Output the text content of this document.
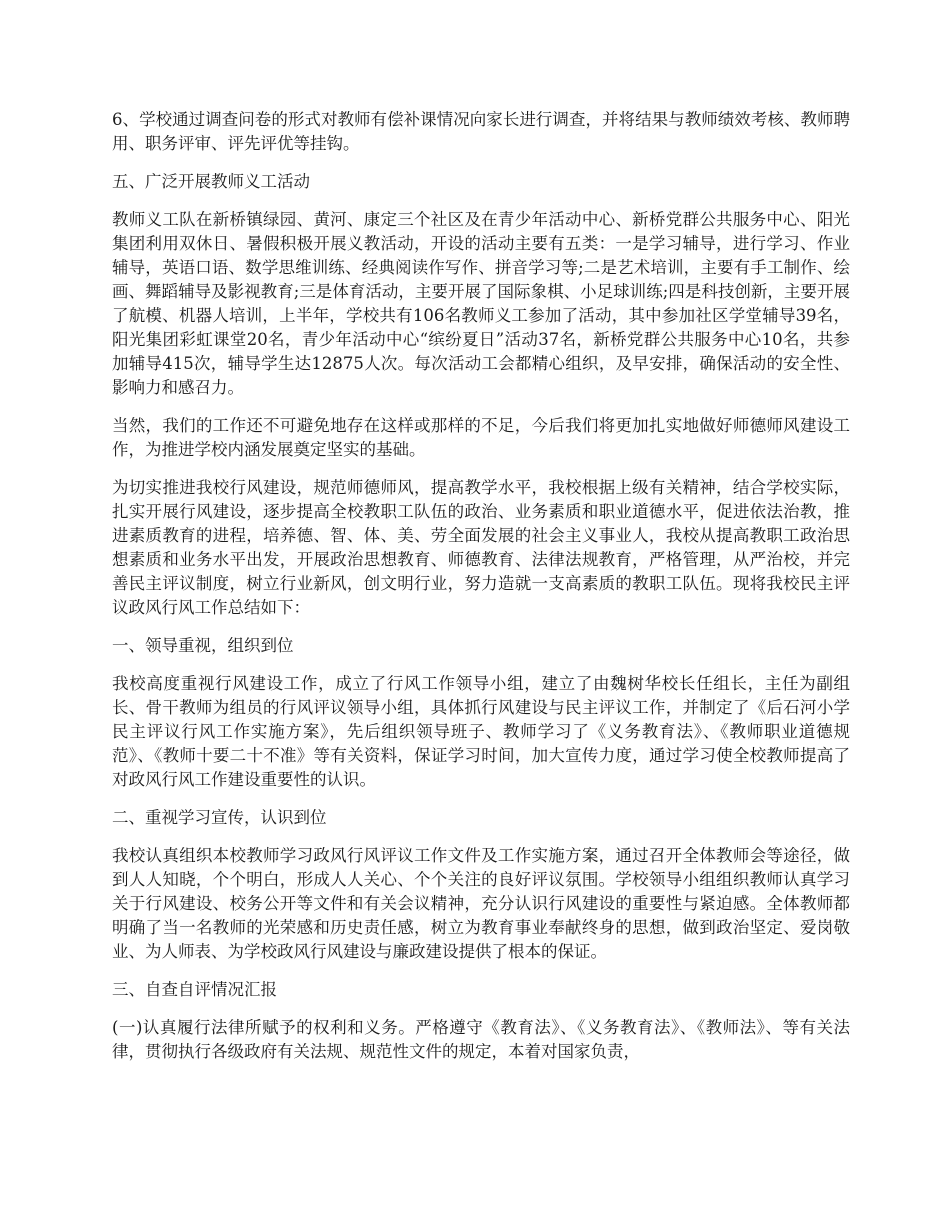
6、学校通过调查问卷的形式对教师有偿补课情况向家长进行调查，并将结果与教师绩效考核、教师聘用、职务评审、评先评优等挂钩。

五、广泛开展教师义工活动

教师义工队在新桥镇绿园、黄河、康定三个社区及在青少年活动中心、新桥党群公共服务中心、阳光集团利用双休日、暑假积极开展义教活动，开设的活动主要有五类：一是学习辅导，进行学习、作业辅导，英语口语、数学思维训练、经典阅读作写作、拼音学习等;二是艺术培训，主要有手工制作、绘画、舞蹈辅导及影视教育;三是体育活动，主要开展了国际象棋、小足球训练;四是科技创新，主要开展了航模、机器人培训，上半年，学校共有106名教师义工参加了活动，其中参加社区学堂辅导39名，阳光集团彩虹课堂20名，青少年活动中心“缤纷夏日”活动37名，新桥党群公共服务中心10名，共参加辅导415次，辅导学生达12875人次。每次活动工会都精心组织，及早安排，确保活动的安全性、影响力和感召力。

当然，我们的工作还不可避免地存在这样或那样的不足，今后我们将更加扎实地做好师德师风建设工作，为推进学校内涵发展奠定坚实的基础。

为切实推进我校行风建设，规范师德师风，提高教学水平，我校根据上级有关精神，结合学校实际，扎实开展行风建设，逐步提高全校教职工队伍的政治、业务素质和职业道德水平，促进依法治教，推进素质教育的进程，培养德、智、体、美、劳全面发展的社会主义事业人，我校从提高教职工政治思想素质和业务水平出发，开展政治思想教育、师德教育、法律法规教育，严格管理，从严治校，并完善民主评议制度，树立行业新风，创文明行业，努力造就一支高素质的教职工队伍。现将我校民主评议政风行风工作总结如下：

一、领导重视，组织到位

我校高度重视行风建设工作，成立了行风工作领导小组，建立了由魏树华校长任组长，主任为副组长、骨干教师为组员的行风评议领导小组，具体抓行风建设与民主评议工作，并制定了《后石河小学民主评议行风工作实施方案》，先后组织领导班子、教师学习了《义务教育法》、《教师职业道德规范》、《教师十要二十不准》等有关资料，保证学习时间，加大宣传力度，通过学习使全校教师提高了对政风行风工作建设重要性的认识。

二、重视学习宣传，认识到位

我校认真组织本校教师学习政风行风评议工作文件及工作实施方案，通过召开全体教师会等途径，做到人人知晓，个个明白，形成人人关心、个个关注的良好评议氛围。学校领导小组组织教师认真学习关于行风建设、校务公开等文件和有关会议精神，充分认识行风建设的重要性与紧迫感。全体教师都明确了当一名教师的光荣感和历史责任感，树立为教育事业奉献终身的思想，做到政治坚定、爱岗敬业、为人师表、为学校政风行风建设与廉政建设提供了根本的保证。

三、自查自评情况汇报

(一)认真履行法律所赋予的权利和义务。严格遵守《教育法》、《义务教育法》、《教师法》、等有关法律，贯彻执行各级政府有关法规、规范性文件的规定，本着对国家负责，
